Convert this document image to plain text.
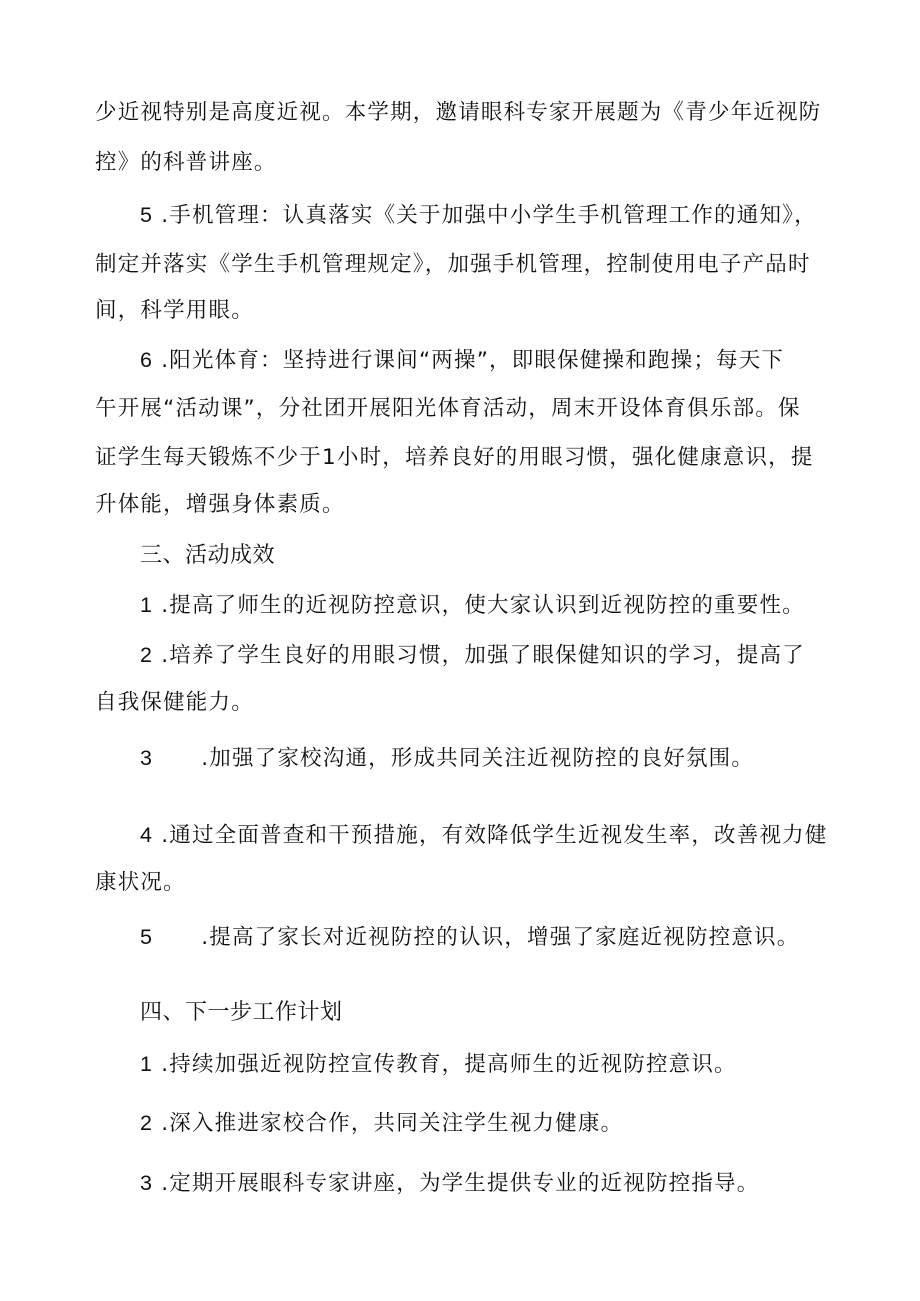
少近视特别是高度近视。本学期，邀请眼科专家开展题为《青少年近视防
控》的科普讲座。
5 .手机管理：认真落实《关于加强中小学生手机管理工作的通知》，
制定并落实《学生手机管理规定》，加强手机管理，控制使用电子产品时
间，科学用眼。
6 .阳光体育：坚持进行课间“两操”，即眼保健操和跑操；每天下
午开展“活动课”，分社团开展阳光体育活动，周末开设体育俱乐部。保
证学生每天锻炼不少于1小时，培养良好的用眼习惯，强化健康意识，提
升体能，增强身体素质。
三、活动成效
1 .提高了师生的近视防控意识，使大家认识到近视防控的重要性。
2 .培养了学生良好的用眼习惯，加强了眼保健知识的学习，提高了
自我保健能力。
3 .加强了家校沟通，形成共同关注近视防控的良好氛围。
4 .通过全面普查和干预措施，有效降低学生近视发生率，改善视力健
康状况。
5 .提高了家长对近视防控的认识，增强了家庭近视防控意识。
四、下一步工作计划
1 .持续加强近视防控宣传教育，提高师生的近视防控意识。
2 .深入推进家校合作，共同关注学生视力健康。
3 .定期开展眼科专家讲座，为学生提供专业的近视防控指导。
